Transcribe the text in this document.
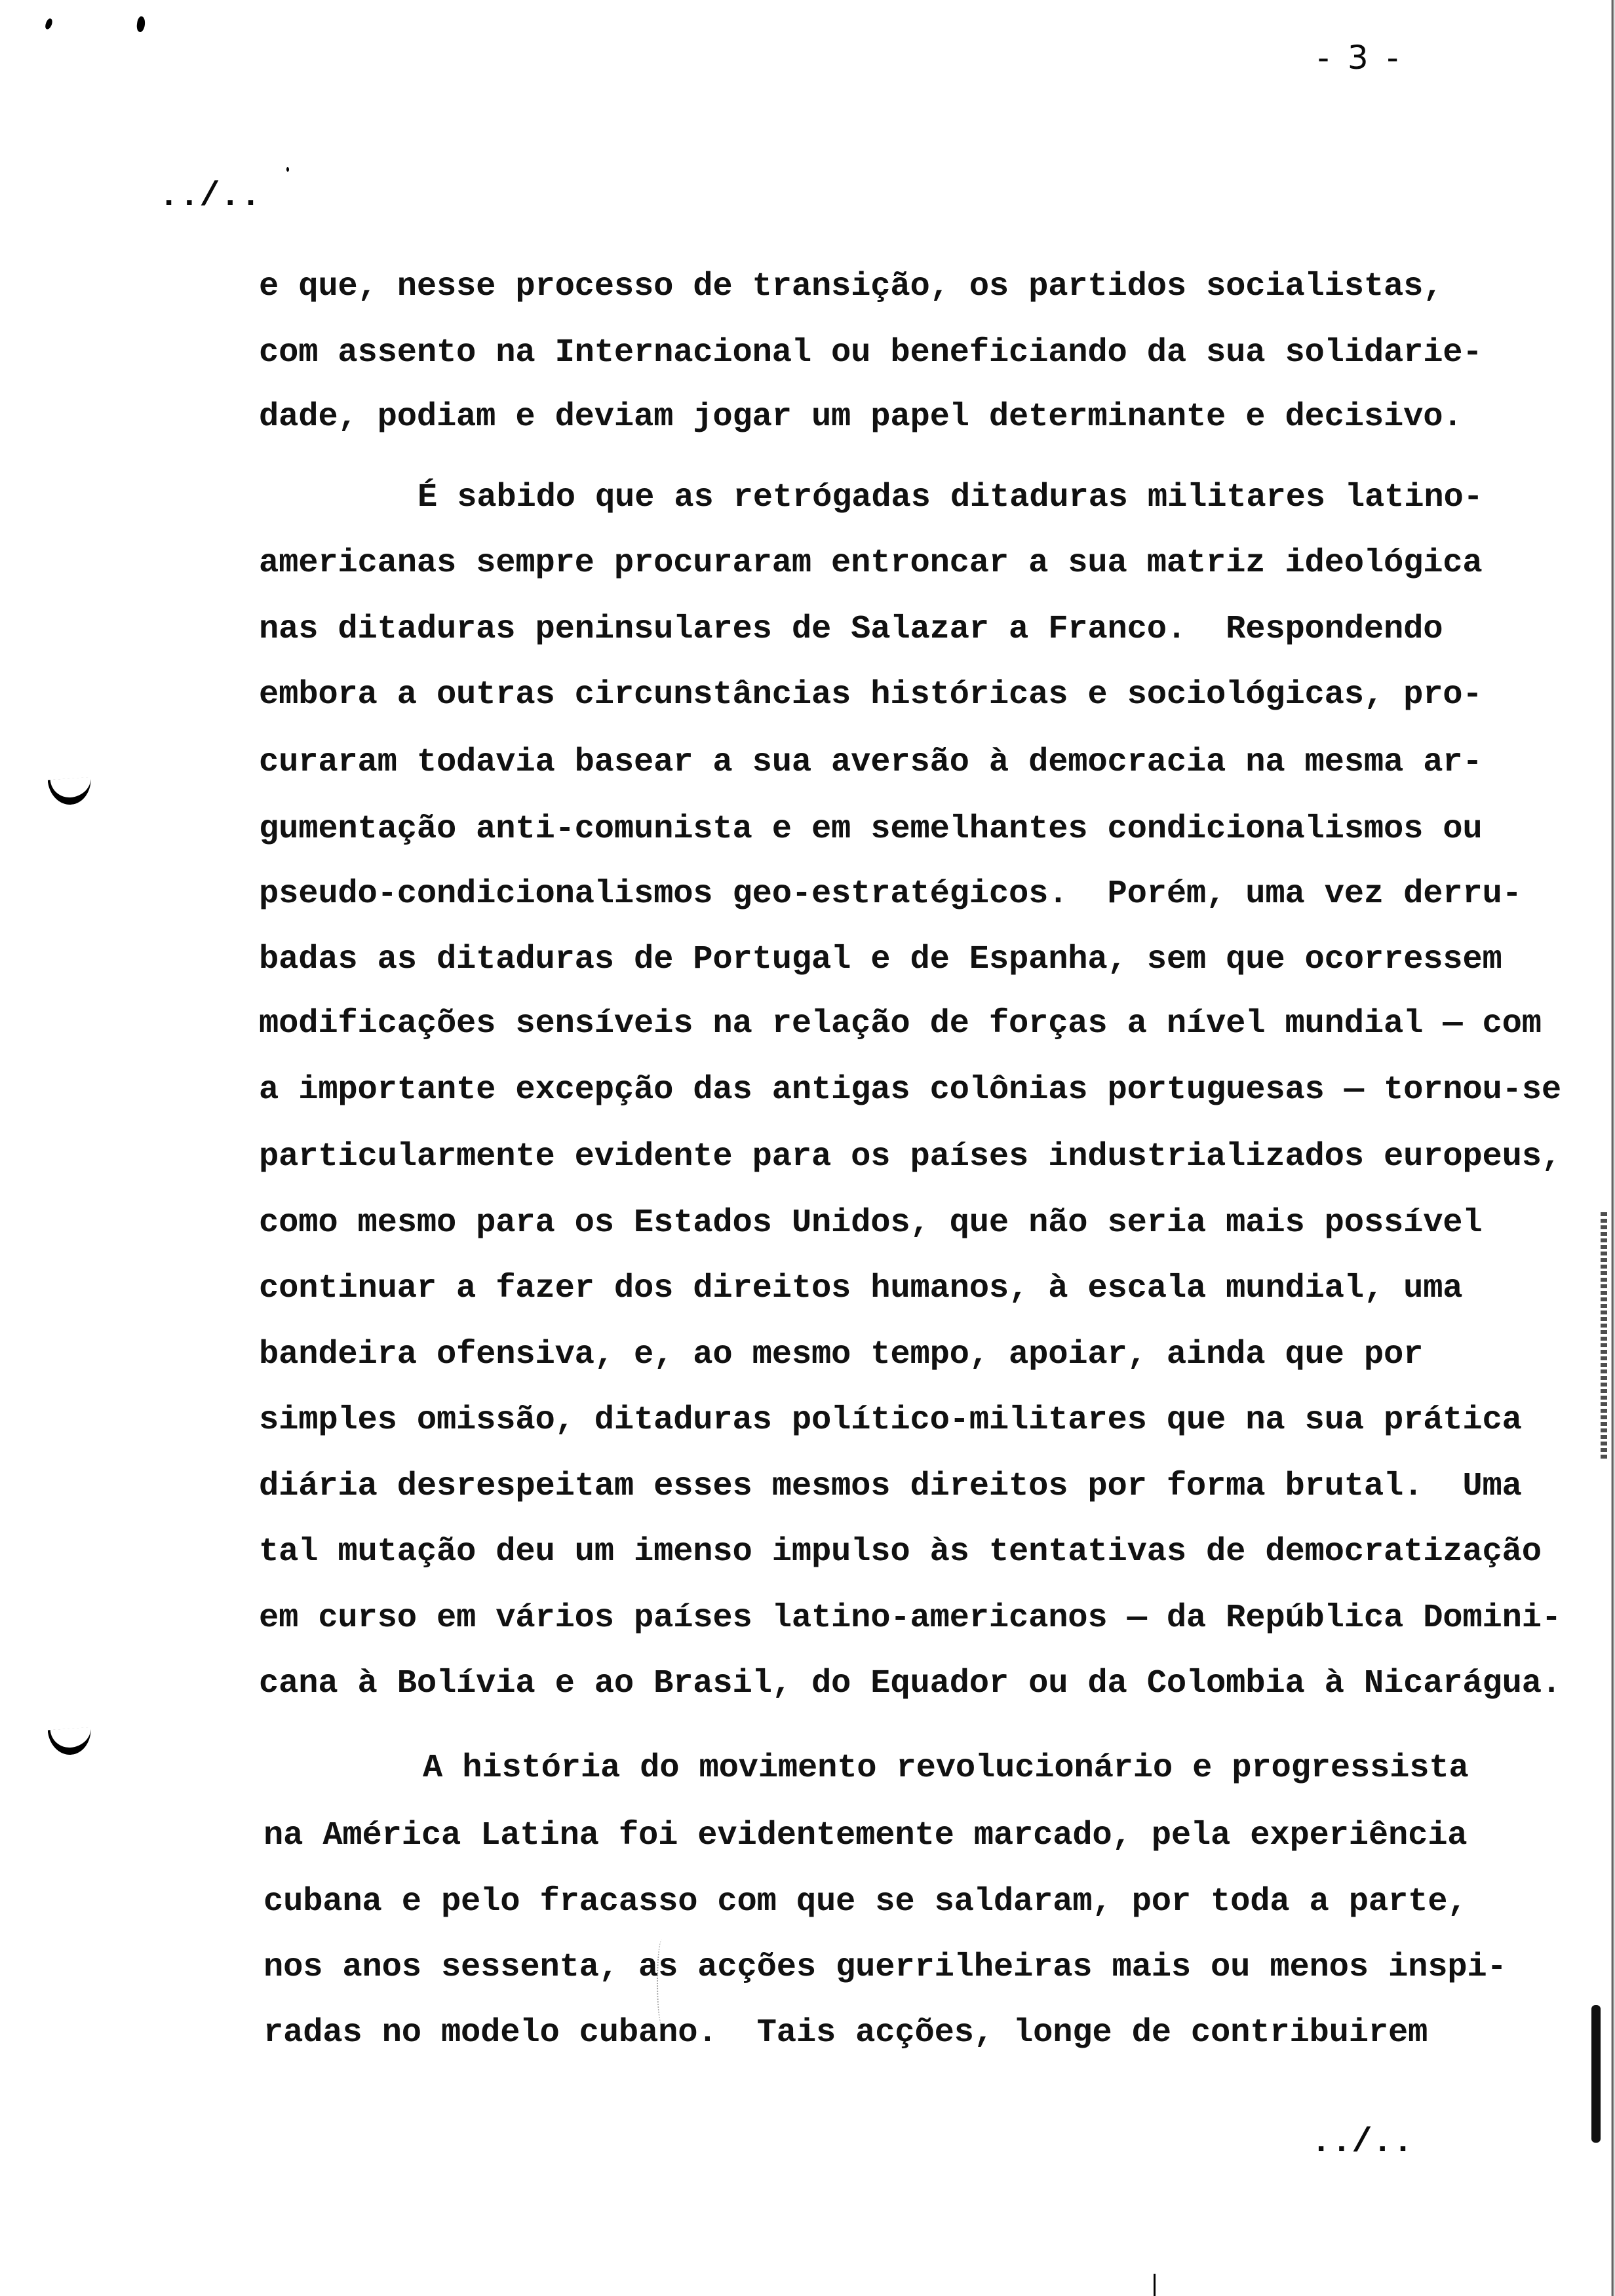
- 3 -
../..
e que, nesse processo de transição, os partidos socialistas,
com assento na Internacional ou beneficiando da sua solidarie-
dade, podiam e deviam jogar um papel determinante e decisivo.
É sabido que as retrógadas ditaduras militares latino-
americanas sempre procuraram entroncar a sua matriz ideológica
nas ditaduras peninsulares de Salazar a Franco.  Respondendo
embora a outras circunstâncias históricas e sociológicas, pro-
curaram todavia basear a sua aversão à democracia na mesma ar-
gumentação anti-comunista e em semelhantes condicionalismos ou
pseudo-condicionalismos geo-estratégicos.  Porém, uma vez derru-
badas as ditaduras de Portugal e de Espanha, sem que ocorressem
modificações sensíveis na relação de forças a nível mundial — com
a importante excepção das antigas colônias portuguesas — tornou-se
particularmente evidente para os países industrializados europeus,
como mesmo para os Estados Unidos, que não seria mais possível
continuar a fazer dos direitos humanos, à escala mundial, uma
bandeira ofensiva, e, ao mesmo tempo, apoiar, ainda que por
simples omissão, ditaduras político-militares que na sua prática
diária desrespeitam esses mesmos direitos por forma brutal.  Uma
tal mutação deu um imenso impulso às tentativas de democratização
em curso em vários países latino-americanos — da República Domini-
cana à Bolívia e ao Brasil, do Equador ou da Colombia à Nicarágua.
A história do movimento revolucionário e progressista
na América Latina foi evidentemente marcado, pela experiência
cubana e pelo fracasso com que se saldaram, por toda a parte,
nos anos sessenta, as acções guerrilheiras mais ou menos inspi-
radas no modelo cubano.  Tais acções, longe de contribuirem
../..
